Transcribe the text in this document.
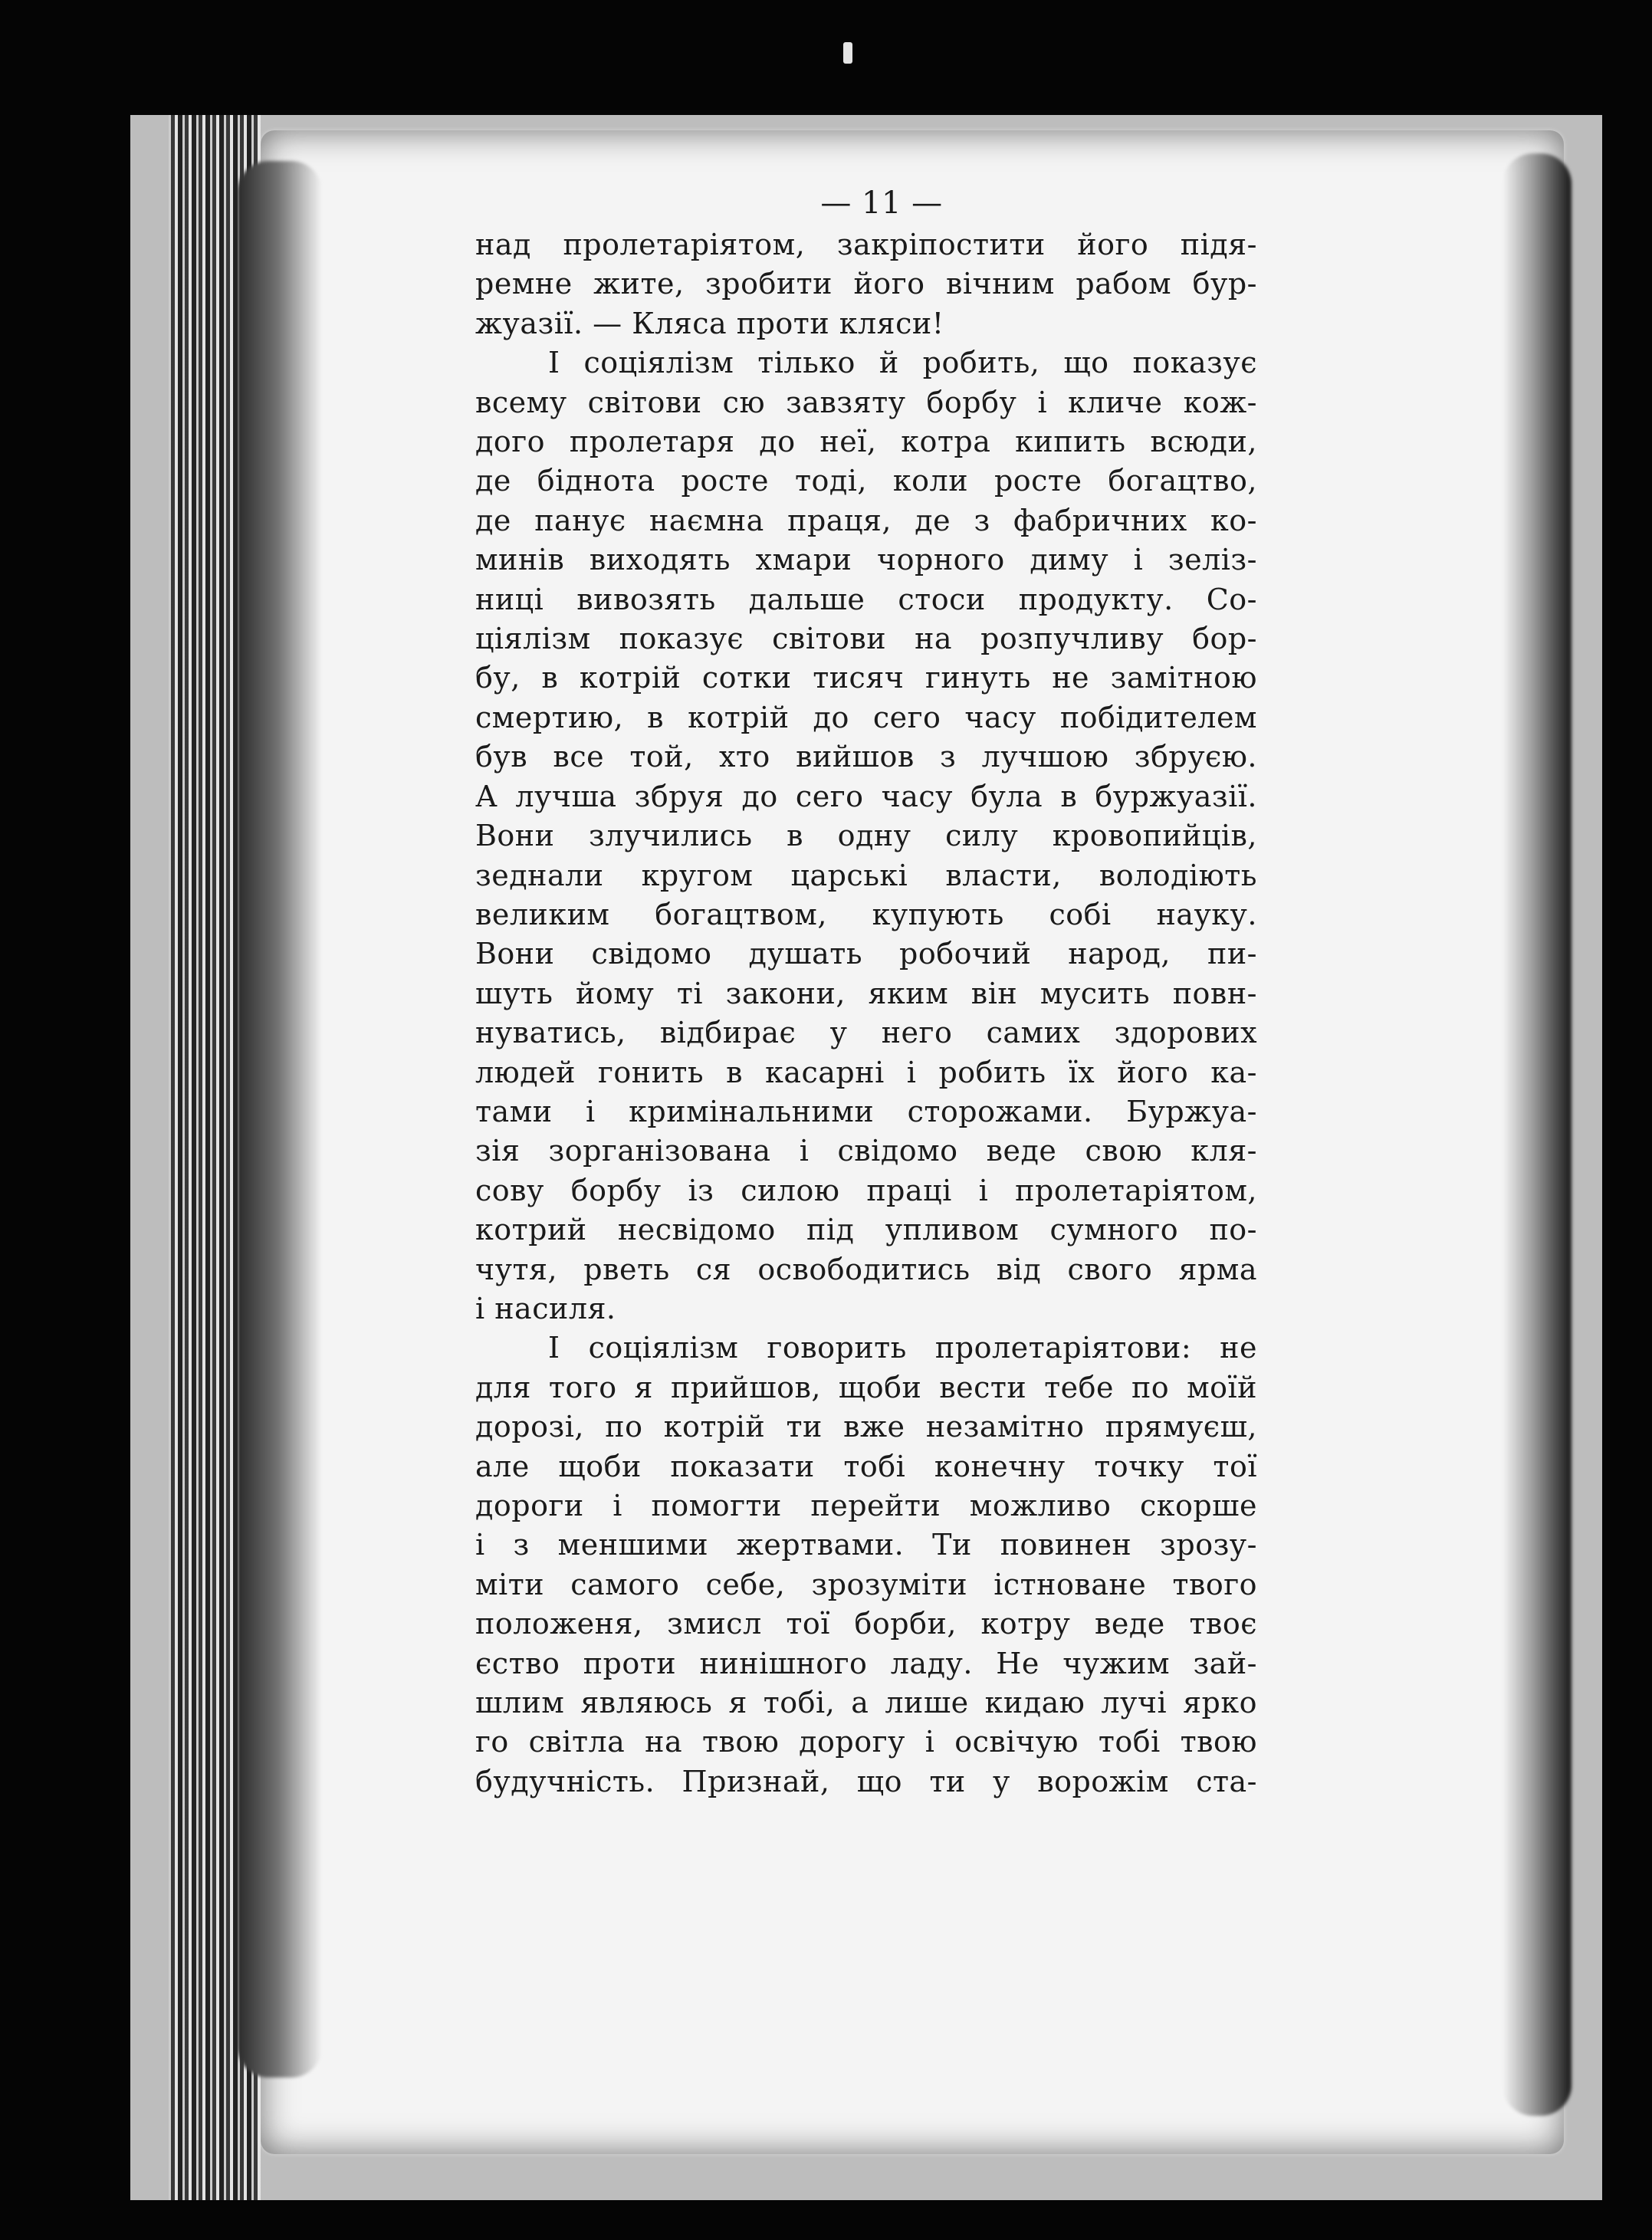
— 11 —
над пролетаріятом, закріпостити його підя-
ремне жите, зробити його вічним рабом бур-
жуазії. — Кляса проти кляси!
І соціялізм тілько й робить, що показує
всему світови сю завзяту борбу і кличе кож-
дого пролетаря до неї, котра кипить всюди,
де біднота росте тоді, коли росте богацтво,
де панує наємна праця, де з фабричних ко-
минів виходять хмари чорного диму і зеліз-
ниці вивозять дальше стоси продукту. Со-
ціялізм показує світови на розпучливу бор-
бу, в котрій сотки тисяч гинуть не замітною
смертию, в котрій до сего часу побідителем
був все той, хто вийшов з лучшою збруєю.
А лучша збруя до сего часу була в буржуазії.
Вони злучились в одну силу кровопийців,
зеднали кругом царські власти, володіють
великим богацтвом, купують собі науку.
Вони свідомо душать робочий народ, пи-
шуть йому ті закони, яким він мусить повн-
нуватись, відбирає у него самих здорових
людей гонить в касарні і робить їх його ка-
тами і кримінальними сторожами. Буржуа-
зія зорганізована і свідомо веде свою кля-
сову борбу із силою праці і пролетаріятом,
котрий несвідомо під упливом сумного по-
чутя, рветь ся освободитись від свого ярма
і насиля.
І соціялізм говорить пролетаріятови: не
для того я прийшов, щоби вести тебе по моїй
дорозі, по котрій ти вже незамітно прямуєш,
але щоби показати тобі конечну точку тої
дороги і помогти перейти можливо скорше
і з меншими жертвами. Ти повинен зрозу-
міти самого себе, зрозуміти істноване твого
положеня, змисл тої борби, котру веде твоє
єство проти нинішного ладу. Не чужим зай-
шлим являюсь я тобі, а лише кидаю лучі ярко
го світла на твою дорогу і освічую тобі твою
будучність. Признай, що ти у ворожім ста-
